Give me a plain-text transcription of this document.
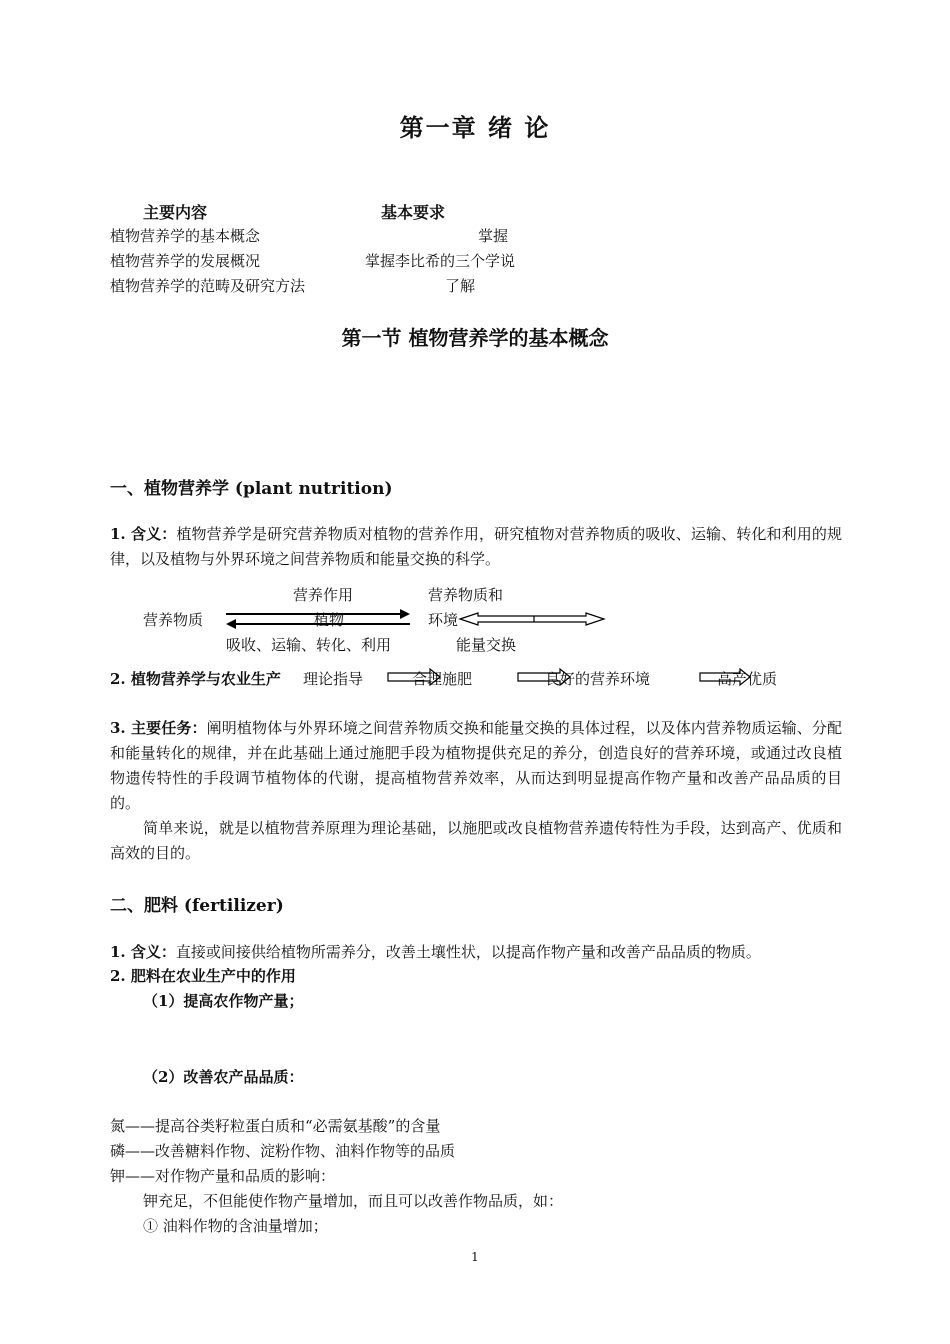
第一章 绪 论
主要内容	基本要求
植物营养学的基本概念	掌握
植物营养学的发展概况	掌握李比希的三个学说
植物营养学的范畴及研究方法	了解
第一节 植物营养学的基本概念
一、植物营养学 (plant nutrition)
1. 含义：植物营养学是研究营养物质对植物的营养作用，研究植物对营养物质的吸收、运输、转化和利用的规律，以及植物与外界环境之间营养物质和能量交换的科学。
营养作用	营养物质和
营养物质	植物	环境
吸收、运输、转化、利用	能量交换
2. 植物营养学与农业生产 理论指导	合理施肥	良好的营养环境	高产优质
3. 主要任务：阐明植物体与外界环境之间营养物质交换和能量交换的具体过程，以及体内营养物质运输、分配和能量转化的规律，并在此基础上通过施肥手段为植物提供充足的养分，创造良好的营养环境，或通过改良植物遗传特性的手段调节植物体的代谢，提高植物营养效率，从而达到明显提高作物产量和改善产品品质的目的。
简单来说，就是以植物营养原理为理论基础，以施肥或改良植物营养遗传特性为手段，达到高产、优质和高效的目的。
二、肥料 (fertilizer)
1. 含义：直接或间接供给植物所需养分，改善土壤性状，以提高作物产量和改善产品品质的物质。
2. 肥料在农业生产中的作用
（1）提高农作物产量；
（2）改善农产品品质：
氮——提高谷类籽粒蛋白质和“必需氨基酸”的含量
磷——改善糖料作物、淀粉作物、油料作物等的品质
钾——对作物产量和品质的影响：
钾充足，不但能使作物产量增加，而且可以改善作物品质，如：
① 油料作物的含油量增加；
1
